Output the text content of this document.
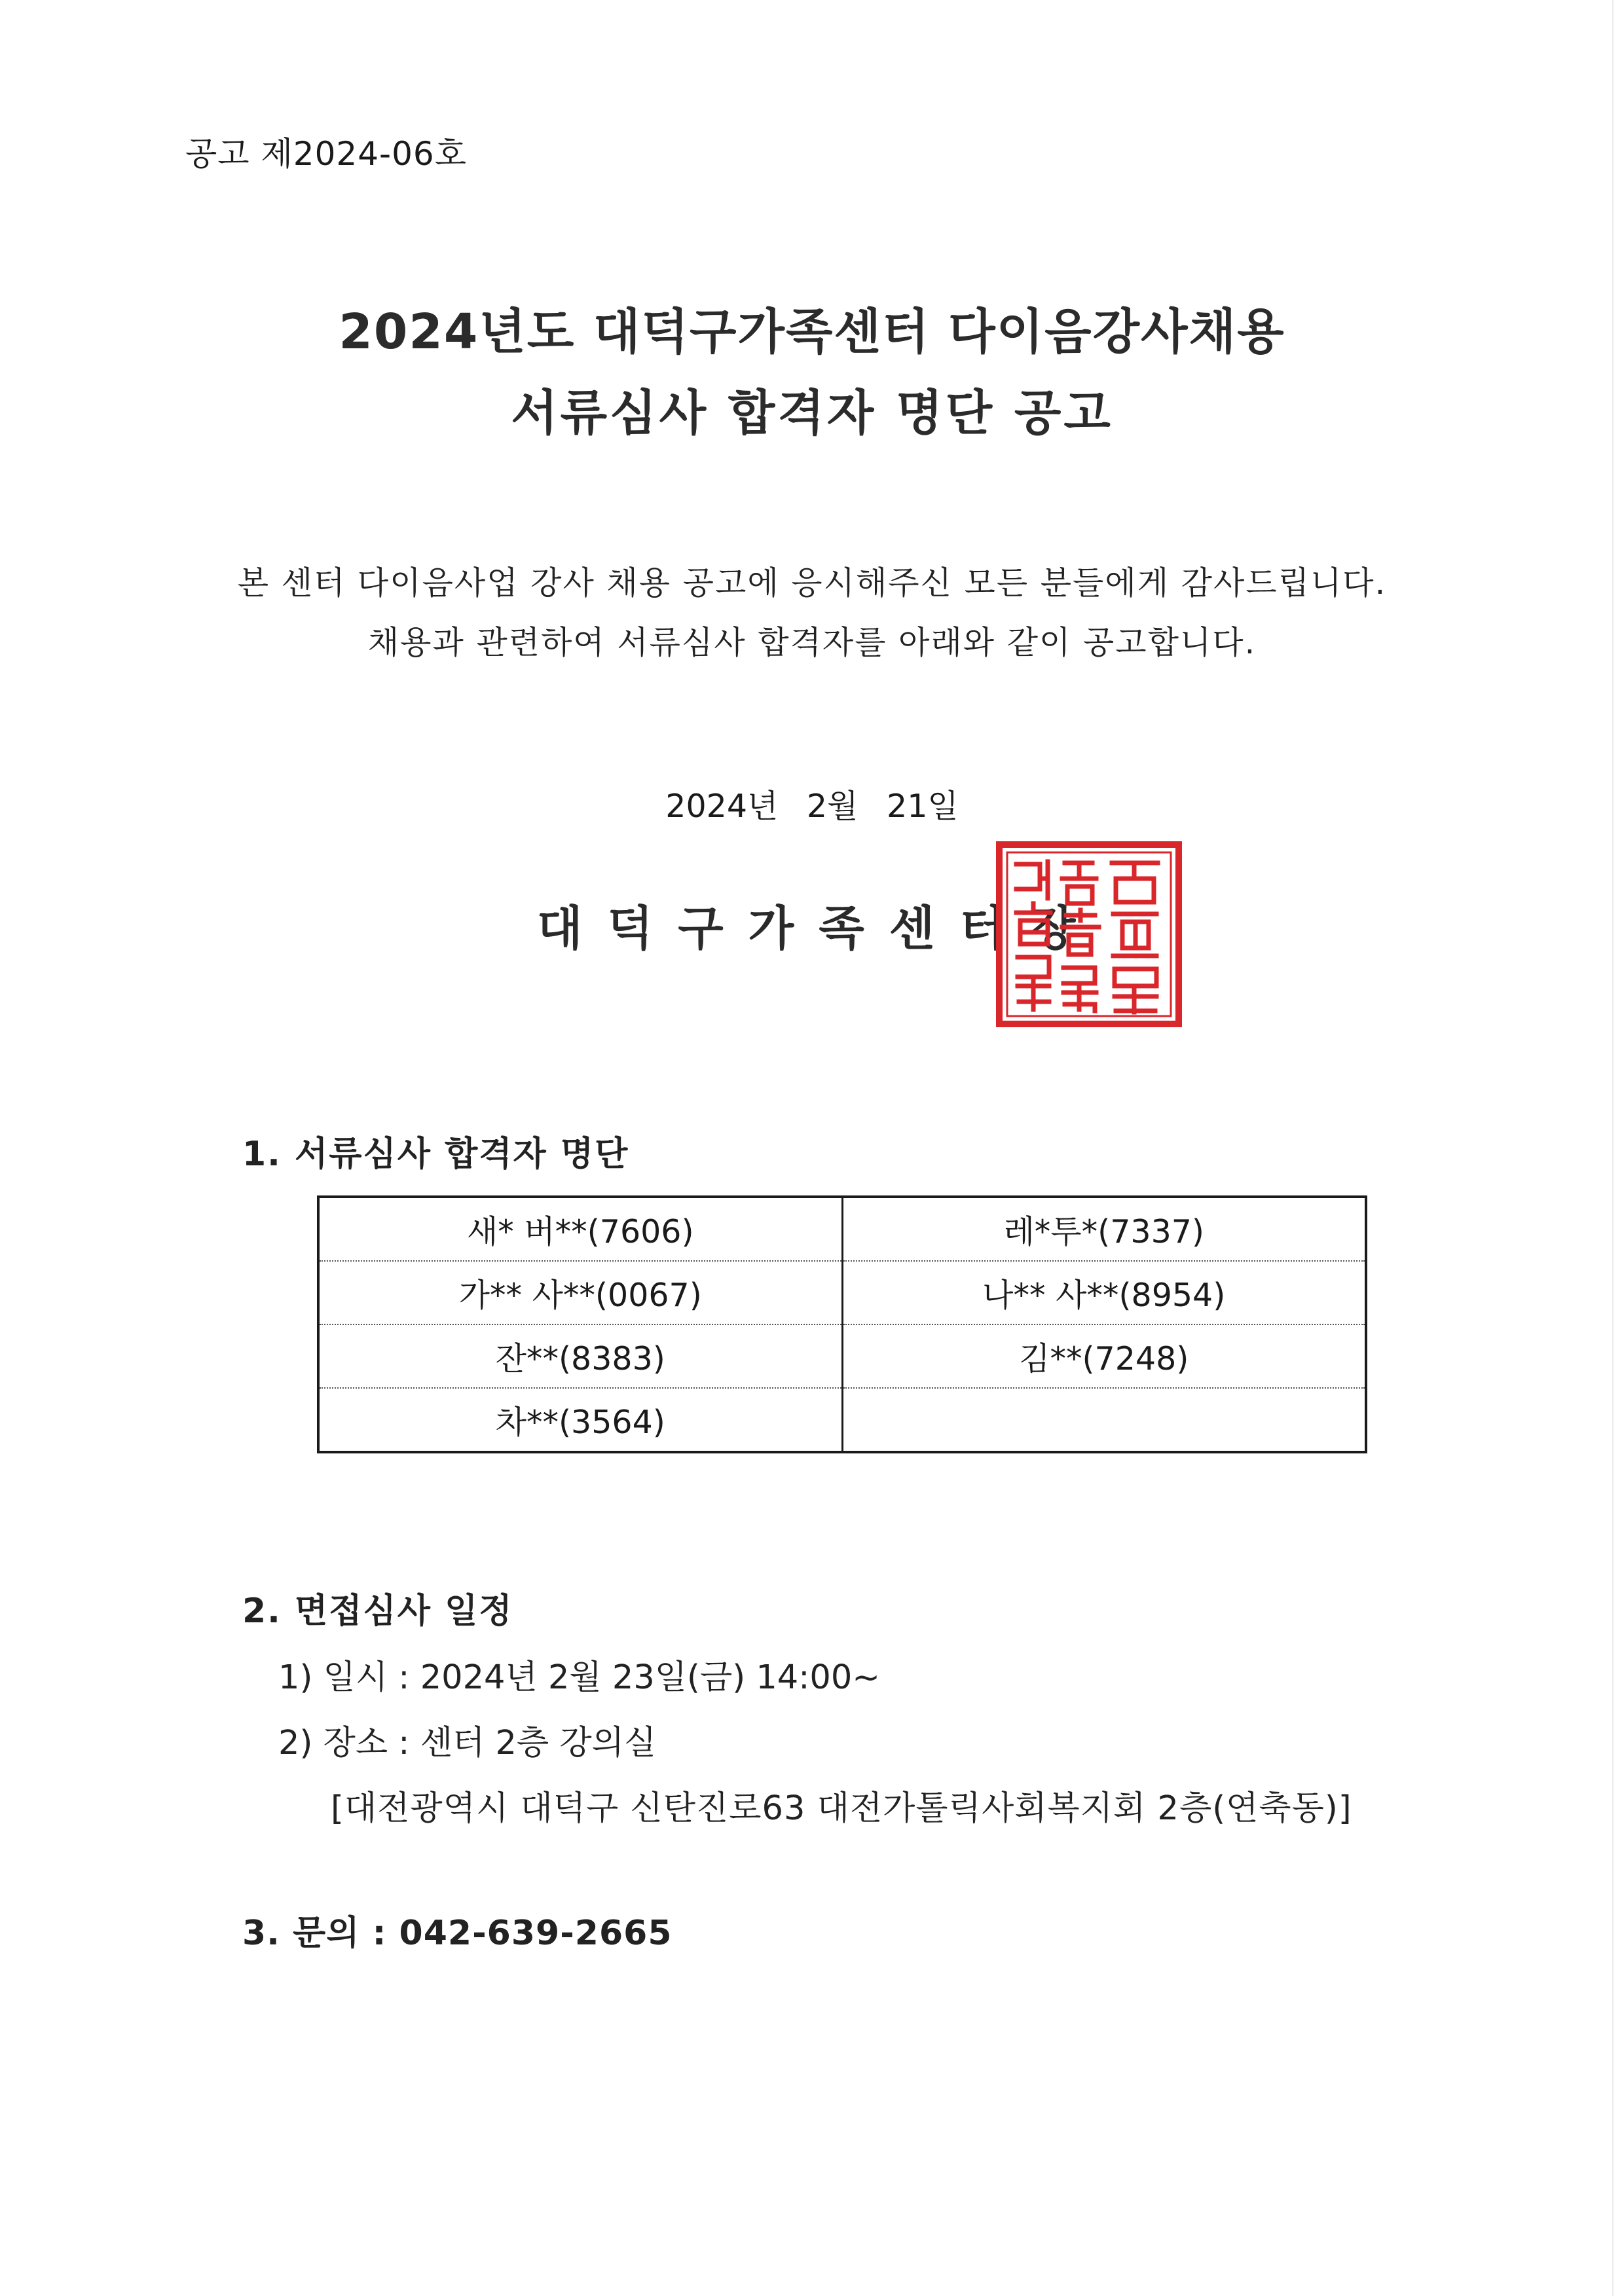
공고 제2024-06호
2024년도 대덕구가족센터 다이음강사채용
서류심사 합격자 명단 공고
본 센터 다이음사업 강사 채용 공고에 응시해주신 모든 분들에게 감사드립니다.
채용과 관련하여 서류심사 합격자를 아래와 같이 공고합니다.
2024년 2월 21일
대덕구가족센터장
1. 서류심사 합격자 명단
새* 버**(7606)	레*투*(7337)
가** 사**(0067)	나** 사**(8954)
잔**(8383)	김**(7248)
차**(3564)	
2. 면접심사 일정
1) 일시 : 2024년 2월 23일(금) 14:00~
2) 장소 : 센터 2층 강의실
[대전광역시 대덕구 신탄진로63 대전가톨릭사회복지회 2층(연축동)]
3. 문의 : 042-639-2665
